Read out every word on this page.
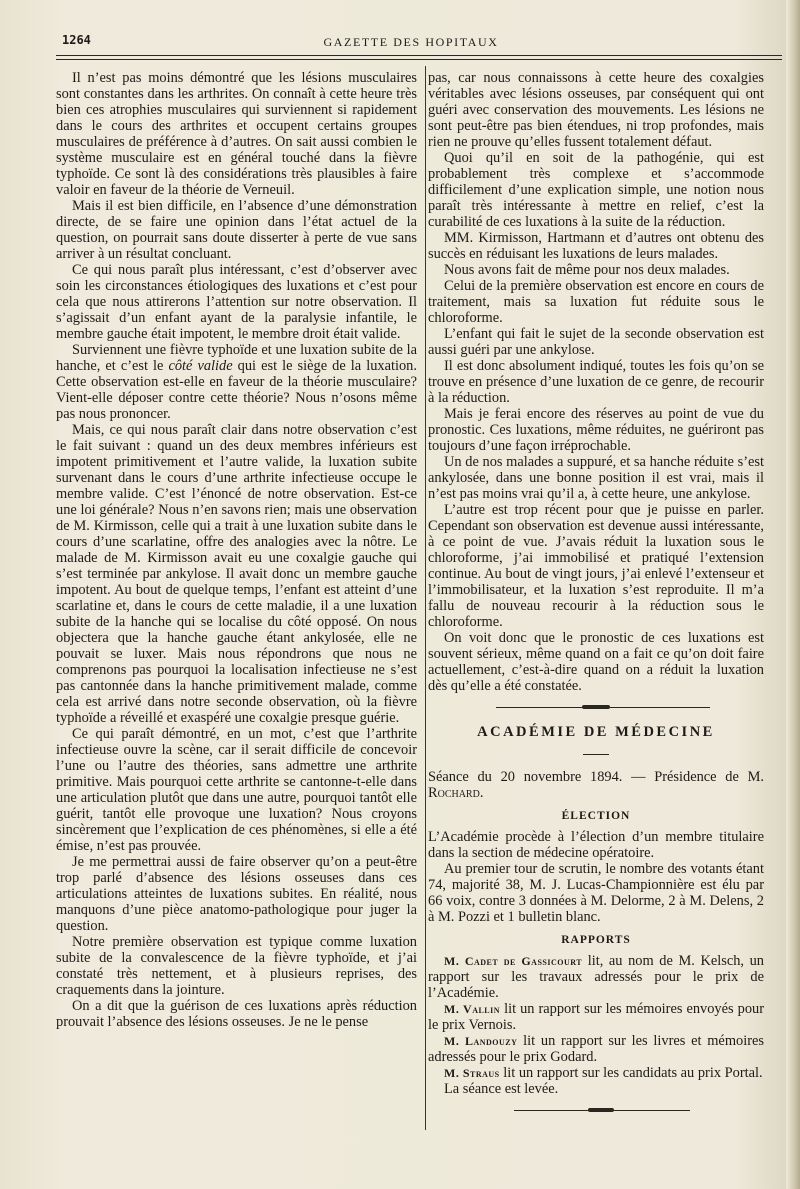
1264	GAZETTE DES HOPITAUX

Il n’est pas moins démontré que les lésions musculaires sont constantes dans les arthrites. On connaît à cette heure très bien ces atrophies musculaires qui surviennent si rapidement dans le cours des arthrites et occupent certains groupes musculaires de préférence à d’autres. On sait aussi combien le système musculaire est en général touché dans la fièvre typhoïde. Ce sont là des considérations très plausibles à faire valoir en faveur de la théorie de Verneuil.

Mais il est bien difficile, en l’absence d’une démonstration directe, de se faire une opinion dans l’état actuel de la question, on pourrait sans doute disserter à perte de vue sans arriver à un résultat concluant.

Ce qui nous paraît plus intéressant, c’est d’observer avec soin les circonstances étiologiques des luxations et c’est pour cela que nous attirerons l’attention sur notre observation. Il s’agissait d’un enfant ayant de la paralysie infantile, le membre gauche était impotent, le membre droit était valide.

Surviennent une fièvre typhoïde et une luxation subite de la hanche, et c’est le côté valide qui est le siège de la luxation. Cette observation est-elle en faveur de la théorie musculaire? Vient-elle déposer contre cette théorie? Nous n’osons même pas nous prononcer.

Mais, ce qui nous paraît clair dans notre observation c’est le fait suivant : quand un des deux membres inférieurs est impotent primitivement et l’autre valide, la luxation subite survenant dans le cours d’une arthrite infectieuse occupe le membre valide. C’est l’énoncé de notre observation. Est-ce une loi générale? Nous n’en savons rien; mais une observation de M. Kirmisson, celle qui a trait à une luxation subite dans le cours d’une scarlatine, offre des analogies avec la nôtre. Le malade de M. Kirmisson avait eu une coxalgie gauche qui s’est terminée par ankylose. Il avait donc un membre gauche impotent. Au bout de quelque temps, l’enfant est atteint d’une scarlatine et, dans le cours de cette maladie, il a une luxation subite de la hanche qui se localise du côté opposé. On nous objectera que la hanche gauche étant ankylosée, elle ne pouvait se luxer. Mais nous répondrons que nous ne comprenons pas pourquoi la localisation infectieuse ne s’est pas cantonnée dans la hanche primitivement malade, comme cela est arrivé dans notre seconde observation, où la fièvre typhoïde a réveillé et exaspéré une coxalgie presque guérie.

Ce qui paraît démontré, en un mot, c’est que l’arthrite infectieuse ouvre la scène, car il serait difficile de concevoir l’une ou l’autre des théories, sans admettre une arthrite primitive. Mais pourquoi cette arthrite se cantonne-t-elle dans une articulation plutôt que dans une autre, pourquoi tantôt elle guérit, tantôt elle provoque une luxation? Nous croyons sincèrement que l’explication de ces phénomènes, si elle a été émise, n’est pas prouvée.

Je me permettrai aussi de faire observer qu’on a peut-être trop parlé d’absence des lésions osseuses dans ces articulations atteintes de luxations subites. En réalité, nous manquons d’une pièce anatomo-pathologique pour juger la question.

Notre première observation est typique comme luxation subite de la convalescence de la fièvre typhoïde, et j’ai constaté très nettement, et à plusieurs reprises, des craquements dans la jointure.

On a dit que la guérison de ces luxations après réduction prouvait l’absence des lésions osseuses. Je ne le pense

pas, car nous connaissons à cette heure des coxalgies véritables avec lésions osseuses, par conséquent qui ont guéri avec conservation des mouvements. Les lésions ne sont peut-être pas bien étendues, ni trop profondes, mais rien ne prouve qu’elles fussent totalement défaut.

Quoi qu’il en soit de la pathogénie, qui est probablement très complexe et s’accommode difficilement d’une explication simple, une notion nous paraît très intéressante à mettre en relief, c’est la curabilité de ces luxations à la suite de la réduction.

MM. Kirmisson, Hartmann et d’autres ont obtenu des succès en réduisant les luxations de leurs malades.

Nous avons fait de même pour nos deux malades.

Celui de la première observation est encore en cours de traitement, mais sa luxation fut réduite sous le chloroforme.

L’enfant qui fait le sujet de la seconde observation est aussi guéri par une ankylose.

Il est donc absolument indiqué, toutes les fois qu’on se trouve en présence d’une luxation de ce genre, de recourir à la réduction.

Mais je ferai encore des réserves au point de vue du pronostic. Ces luxations, même réduites, ne guériront pas toujours d’une façon irréprochable.

Un de nos malades a suppuré, et sa hanche réduite s’est ankylosée, dans une bonne position il est vrai, mais il n’est pas moins vrai qu’il a, à cette heure, une ankylose.

L’autre est trop récent pour que je puisse en parler. Cependant son observation est devenue aussi intéressante, à ce point de vue. J’avais réduit la luxation sous le chloroforme, j’ai immobilisé et pratiqué l’extension continue. Au bout de vingt jours, j’ai enlevé l’extenseur et l’immobilisateur, et la luxation s’est reproduite. Il m’a fallu de nouveau recourir à la réduction sous le chloroforme.

On voit donc que le pronostic de ces luxations est souvent sérieux, même quand on a fait ce qu’on doit faire actuellement, c’est-à-dire quand on a réduit la luxation dès qu’elle a été constatée.

ACADÉMIE DE MÉDECINE

Séance du 20 novembre 1894. — Présidence de M. Rochard.

ÉLECTION

L’Académie procède à l’élection d’un membre titulaire dans la section de médecine opératoire.

Au premier tour de scrutin, le nombre des votants étant 74, majorité 38, M. J. Lucas-Championnière est élu par 66 voix, contre 3 données à M. Delorme, 2 à M. Delens, 2 à M. Pozzi et 1 bulletin blanc.

RAPPORTS

M. Cadet de Gassicourt lit, au nom de M. Kelsch, un rapport sur les travaux adressés pour le prix de l’Académie.

M. Vallin lit un rapport sur les mémoires envoyés pour le prix Vernois.

M. Landouzy lit un rapport sur les livres et mémoires adressés pour le prix Godard.

M. Straus lit un rapport sur les candidats au prix Portal.

La séance est levée.
